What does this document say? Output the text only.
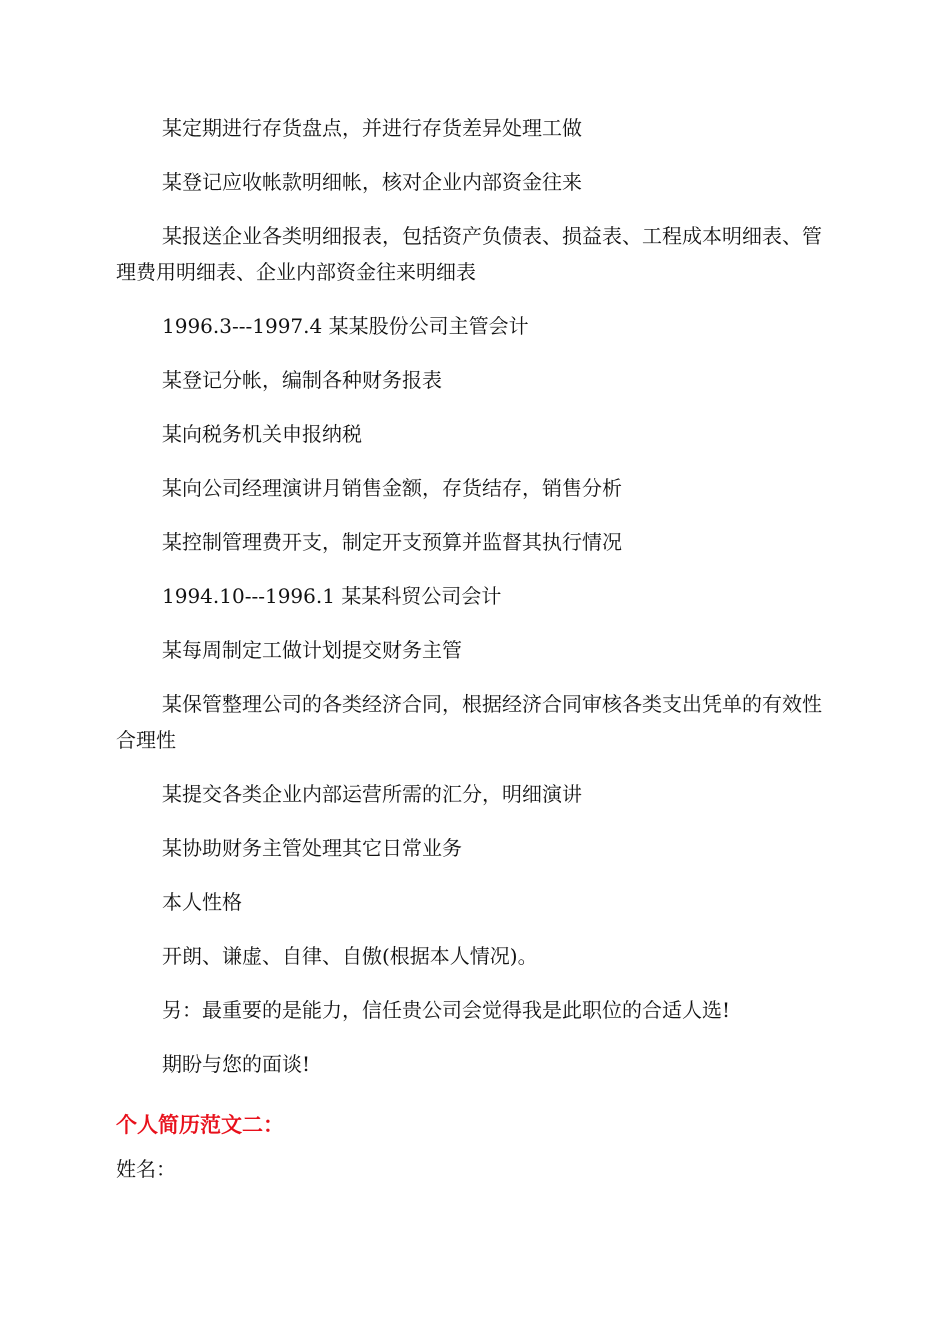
某定期进行存货盘点，并进行存货差异处理工做

某登记应收帐款明细帐，核对企业内部资金往来

某报送企业各类明细报表，包括资产负债表、损益表、工程成本明细表、管理费用明细表、企业内部资金往来明细表

1996.3---1997.4 某某股份公司主管会计

某登记分帐，编制各种财务报表

某向税务机关申报纳税

某向公司经理演讲月销售金额，存货结存，销售分析

某控制管理费开支，制定开支预算并监督其执行情况

1994.10---1996.1 某某科贸公司会计

某每周制定工做计划提交财务主管

某保管整理公司的各类经济合同，根据经济合同审核各类支出凭单的有效性合理性

某提交各类企业内部运营所需的汇分，明细演讲

某协助财务主管处理其它日常业务

本人性格

开朗、谦虚、自律、自傲(根据本人情况)。

另：最重要的是能力，信任贵公司会觉得我是此职位的合适人选!

期盼与您的面谈!

个人简历范文二：

姓名：
